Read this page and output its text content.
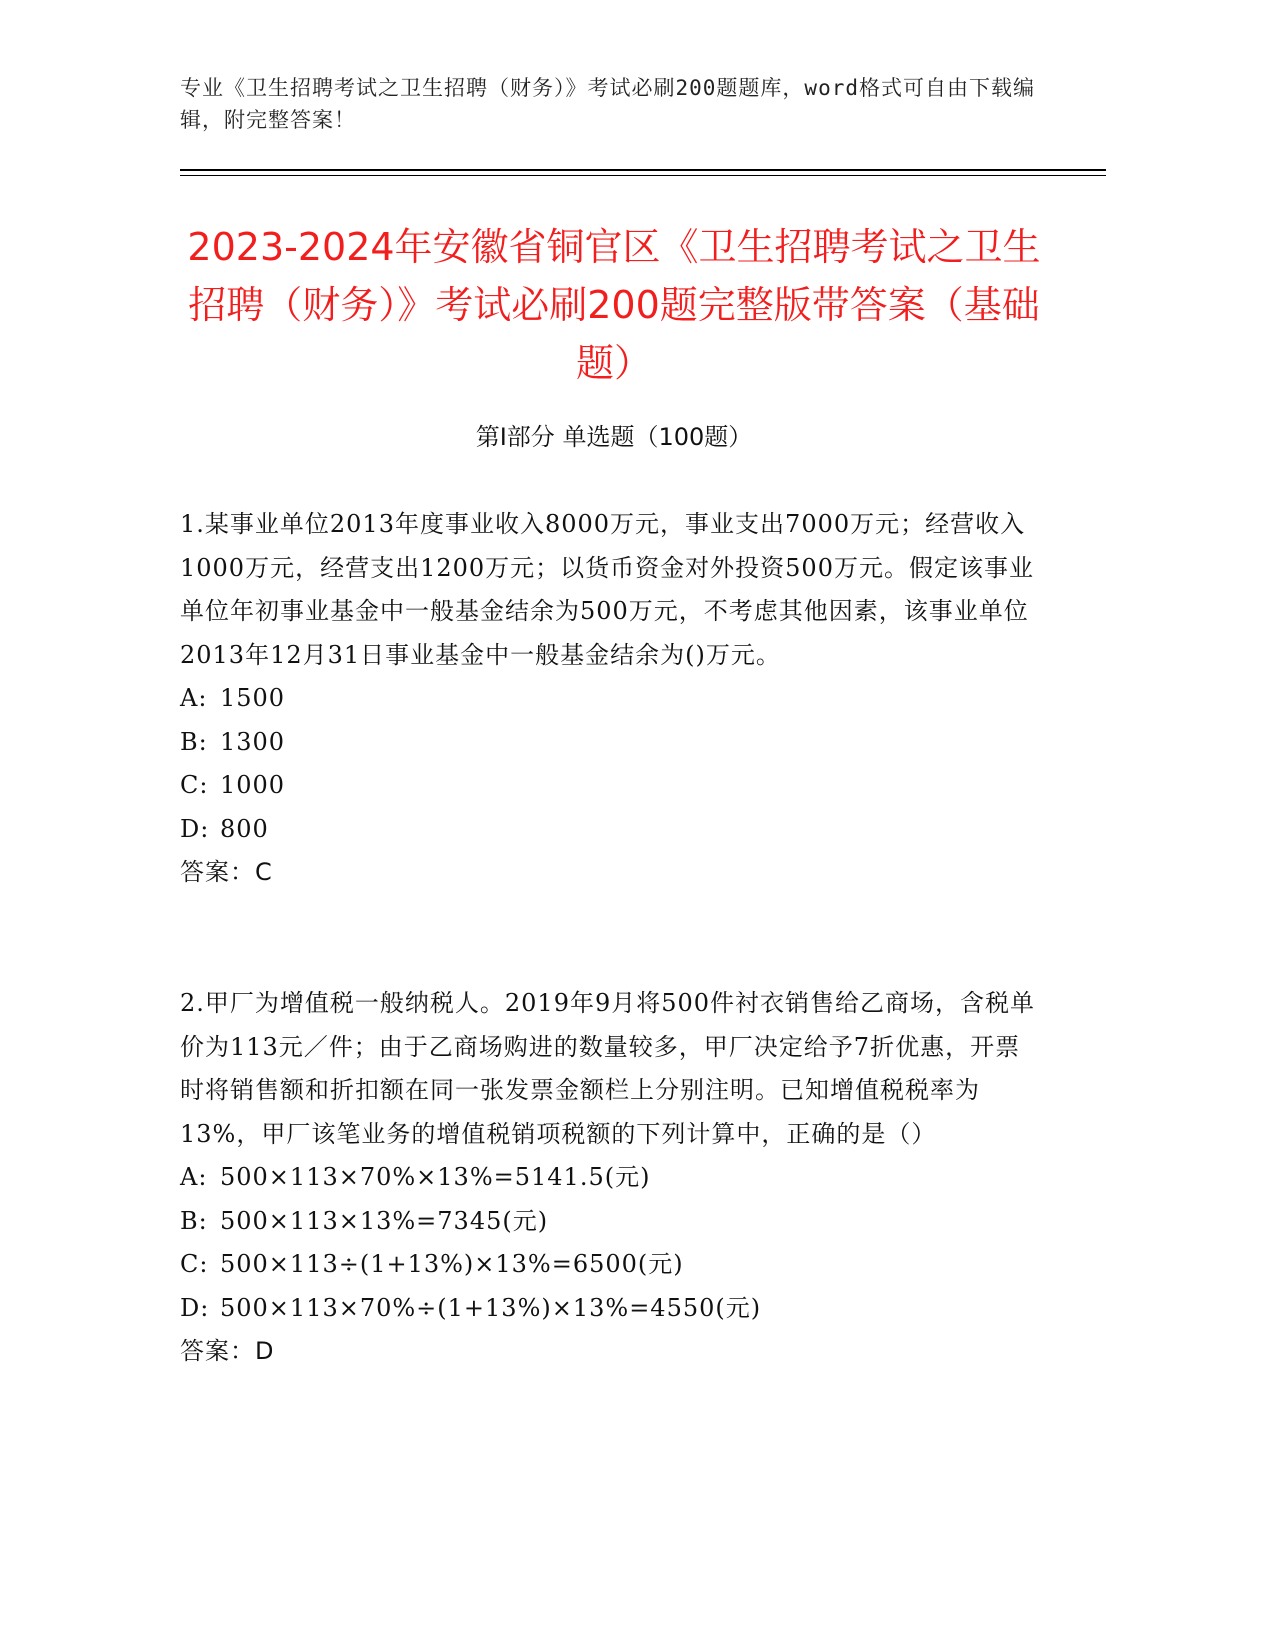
专业《卫生招聘考试之卫生招聘（财务）》考试必刷200题题库，word格式可自由下载编辑，附完整答案！
2023-2024年安徽省铜官区《卫生招聘考试之卫生招聘（财务）》考试必刷200题完整版带答案（基础题）
第I部分 单选题（100题）
1.某事业单位2013年度事业收入8000万元，事业支出7000万元；经营收入1000万元，经营支出1200万元；以货币资金对外投资500万元。假定该事业单位年初事业基金中一般基金结余为500万元，不考虑其他因素，该事业单位2013年12月31日事业基金中一般基金结余为()万元。
A: 1500
B: 1300
C: 1000
D: 800
答案：C
2.甲厂为增值税一般纳税人。2019年9月将500件衬衣销售给乙商场，含税单价为113元／件；由于乙商场购进的数量较多，甲厂决定给予7折优惠，开票时将销售额和折扣额在同一张发票金额栏上分别注明。已知增值税税率为13%，甲厂该笔业务的增值税销项税额的下列计算中，正确的是（）
A: 500×113×70%×13%=5141.5(元)
B: 500×113×13%=7345(元)
C: 500×113÷(1+13%)×13%=6500(元)
D: 500×113×70%÷(1+13%)×13%=4550(元)
答案：D
